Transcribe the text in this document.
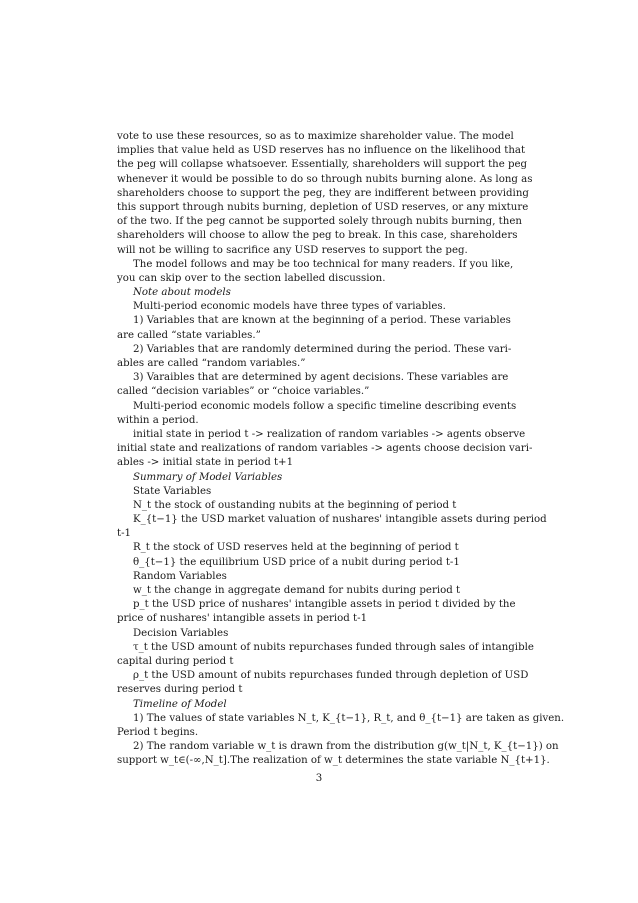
vote to use these resources, so as to maximize shareholder value. The model
implies that value held as USD reserves has no influence on the likelihood that
the peg will collapse whatsoever. Essentially, shareholders will support the peg
whenever it would be possible to do so through nubits burning alone. As long as
shareholders choose to support the peg, they are indifferent between providing
this support through nubits burning, depletion of USD reserves, or any mixture
of the two. If the peg cannot be supported solely through nubits burning, then
shareholders will choose to allow the peg to break. In this case, shareholders
will not be willing to sacrifice any USD reserves to support the peg.
The model follows and may be too technical for many readers. If you like,
you can skip over to the section labelled discussion.
Note about models
Multi-period economic models have three types of variables.
1) Variables that are known at the beginning of a period. These variables
are called “state variables.”
2) Variables that are randomly determined during the period. These vari-
ables are called “random variables.”
3) Varaibles that are determined by agent decisions. These variables are
called “decision variables” or “choice variables.”
Multi-period economic models follow a specific timeline describing events
within a period.
initial state in period t -> realization of random variables -> agents observe
initial state and realizations of random variables -> agents choose decision vari-
ables -> initial state in period t+1
Summary of Model Variables
State Variables
N_t the stock of oustanding nubits at the beginning of period t
K_{t−1} the USD market valuation of nushares' intangible assets during period
t-1
R_t the stock of USD reserves held at the beginning of period t
θ_{t−1} the equilibrium USD price of a nubit during period t-1
Random Variables
w_t the change in aggregate demand for nubits during period t
p_t the USD price of nushares' intangible assets in period t divided by the
price of nushares' intangible assets in period t-1
Decision Variables
τ_t the USD amount of nubits repurchases funded through sales of intangible
capital during period t
ρ_t the USD amount of nubits repurchases funded through depletion of USD
reserves during period t
Timeline of Model
1) The values of state variables N_t, K_{t−1}, R_t, and θ_{t−1} are taken as given.
Period t begins.
2) The random variable w_t is drawn from the distribution g(w_t|N_t, K_{t−1}) on
support w_t∈(-∞,N_t].The realization of w_t determines the state variable N_{t+1}.
3
